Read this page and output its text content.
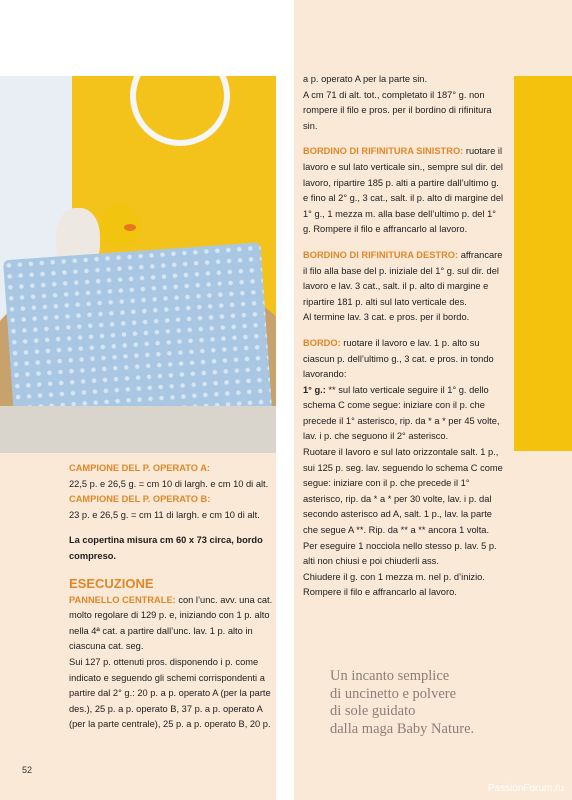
CAMPIONE DEL P. OPERATO A:

22,5 p. e 26,5 g. = cm 10 di largh. e cm 10 di alt.

CAMPIONE DEL P. OPERATO B:

23 p. e 26,5 g. = cm 11 di largh. e cm 10 di alt.

La copertina misura cm 60 x 73 circa, bordo compreso.

ESECUZIONE

PANNELLO CENTRALE: con l’unc. avv. una cat. molto regolare di 129 p. e, iniziando con 1 p. alto nella 4ª cat. a partire dall’unc. lav. 1 p. alto in ciascuna cat. seg.

Sui 127 p. ottenuti pros. disponendo i p. come indicato e seguendo gli schemi corrispondenti a partire dal 2° g.: 20 p. a p. operato A (per la parte des.), 25 p. a p. operato B, 37 p. a p. operato A (per la parte centrale), 25 p. a p. operato B, 20 p.

a p. operato A per la parte sin.

A cm 71 di alt. tot., completato il 187° g. non rompere il filo e pros. per il bordino di rifinitura sin.

BORDINO DI RIFINITURA SINISTRO: ruotare il lavoro e sul lato verticale sin., sempre sul dir. del lavoro, ripartire 185 p. alti a partire dall’ultimo g. e fino al 2° g., 3 cat., salt. il p. alto di margine del 1° g., 1 mezza m. alla base dell’ultimo p. del 1° g. Rompere il filo e affrancarlo al lavoro.

BORDINO DI RIFINITURA DESTRO: affrancare il filo alla base del p. iniziale del 1° g. sul dir. del lavoro e lav. 3 cat., salt. il p. alto di margine e ripartire 181 p. alti sul lato verticale des.

Al termine lav. 3 cat. e pros. per il bordo.

BORDO: ruotare il lavoro e lav. 1 p. alto su ciascun p. dell’ultimo g., 3 cat. e pros. in tondo lavorando:

1° g.: ** sul lato verticale seguire il 1° g. dello schema C come segue: iniziare con il p. che precede il 1° asterisco, rip. da * a * per 45 volte, lav. i p. che seguono il 2° asterisco.

Ruotare il lavoro e sul lato orizzontale salt. 1 p., sui 125 p. seg. lav. seguendo lo schema C come segue: iniziare con il p. che precede il 1° asterisco, rip. da * a * per 30 volte, lav. i p. dal secondo asterisco ad A, salt. 1 p., lav. la parte che segue A **. Rip. da ** a ** ancora 1 volta.

Per eseguire 1 nocciola nello stesso p. lav. 5 p. alti non chiusi e poi chiuderli ass.

Chiudere il g. con 1 mezza m. nel p. d’inizio. Rompere il filo e affrancarlo al lavoro.

Un incanto semplice
di uncinetto e polvere
di sole guidato
dalla maga Baby Nature.
52
PassionForum.ru
